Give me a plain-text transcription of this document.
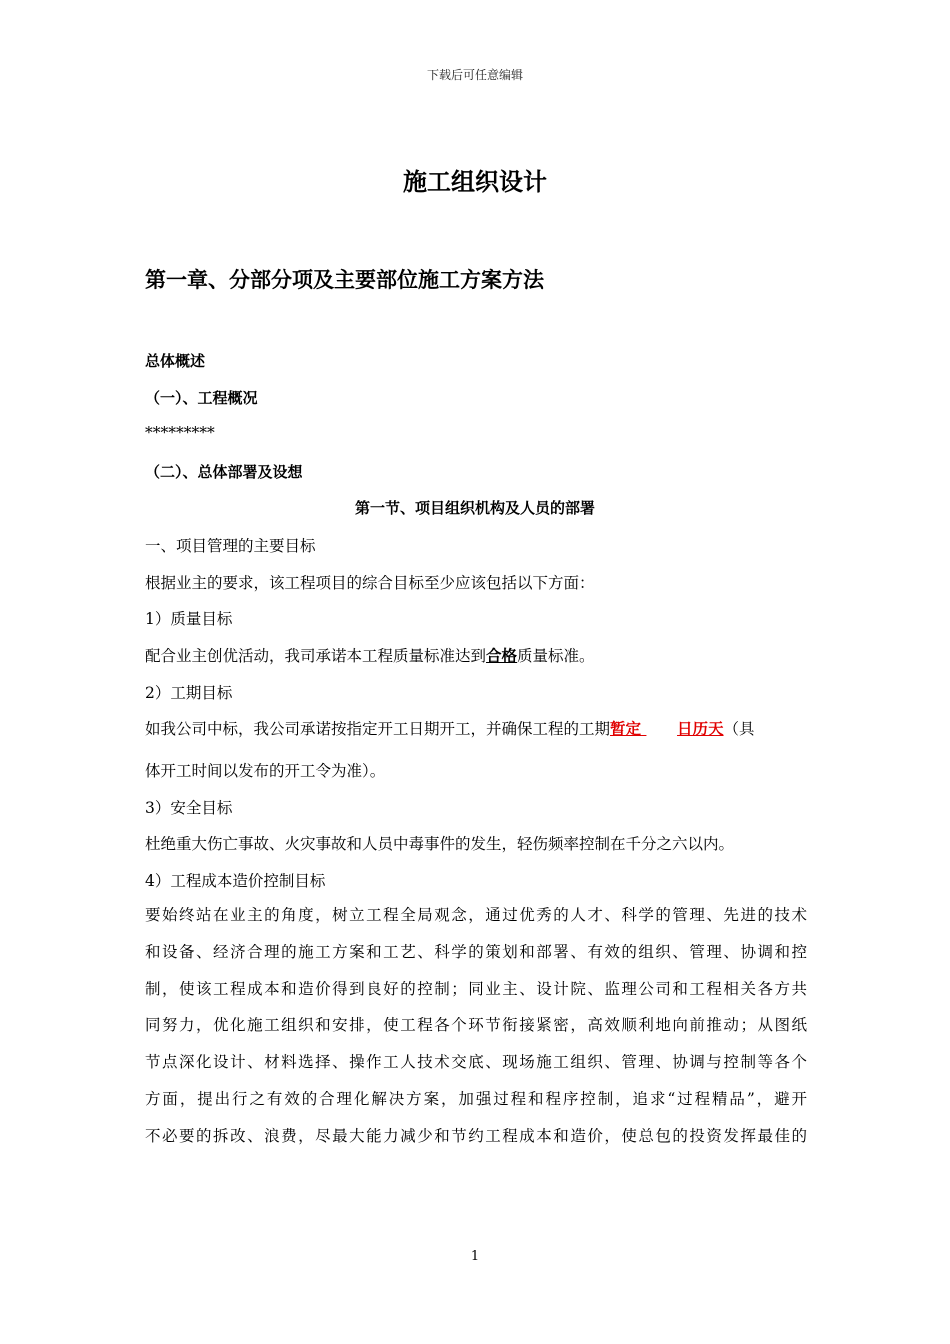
下载后可任意编辑
施工组织设计
第一章、分部分项及主要部位施工方案方法
总体概述
（一）、工程概况
*********
（二）、总体部署及设想
第一节、项目组织机构及人员的部署
一、项目管理的主要目标
根据业主的要求，该工程项目的综合目标至少应该包括以下方面：
1）质量目标
配合业主创优活动，我司承诺本工程质量标准达到合格质量标准。
2）工期目标
如我公司中标，我公司承诺按指定开工日期开工，并确保工程的工期暂定 日历天（具
体开工时间以发布的开工令为准）。
3）安全目标
杜绝重大伤亡事故、火灾事故和人员中毒事件的发生，轻伤频率控制在千分之六以内。
4）工程成本造价控制目标
要始终站在业主的角度，树立工程全局观念，通过优秀的人才、科学的管理、先进的技术
和设备、经济合理的施工方案和工艺、科学的策划和部署、有效的组织、管理、协调和控
制，使该工程成本和造价得到良好的控制；同业主、设计院、监理公司和工程相关各方共
同努力，优化施工组织和安排，使工程各个环节衔接紧密，高效顺利地向前推动；从图纸
节点深化设计、材料选择、操作工人技术交底、现场施工组织、管理、协调与控制等各个
方面，提出行之有效的合理化解决方案，加强过程和程序控制，追求“过程精品”，避开
不必要的拆改、浪费，尽最大能力减少和节约工程成本和造价，使总包的投资发挥最佳的
1
